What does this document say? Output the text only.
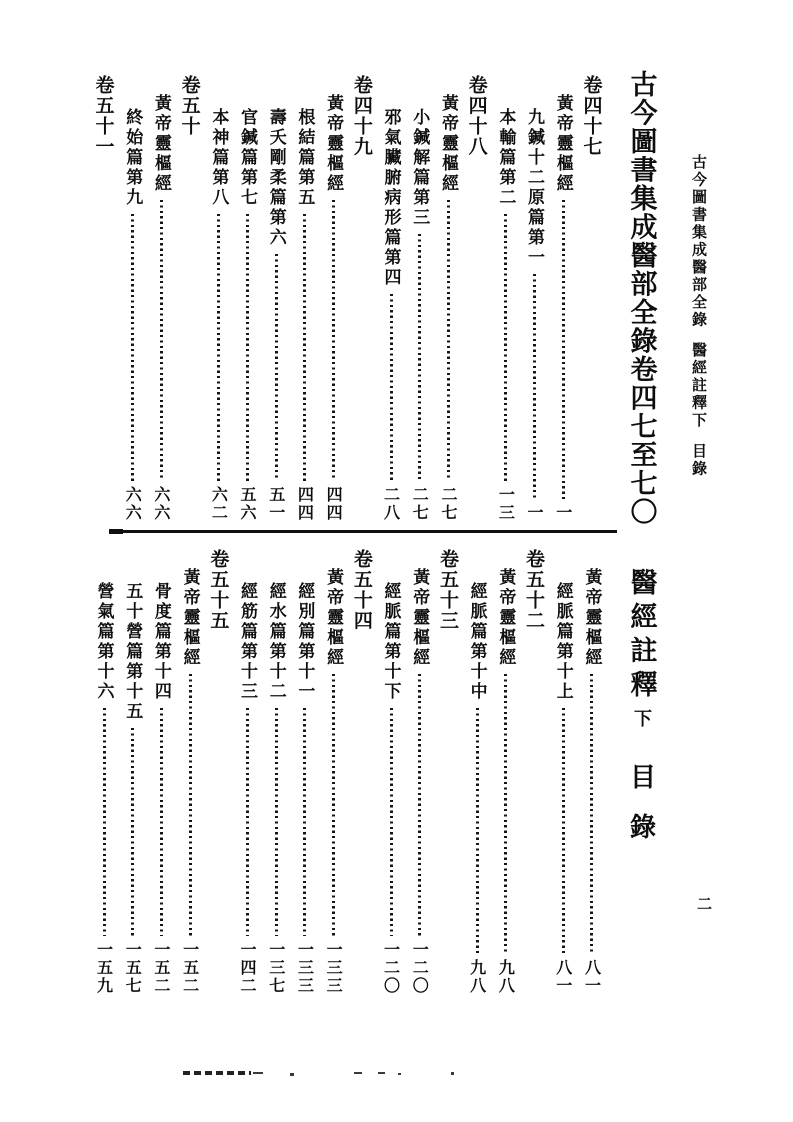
古今圖書集成醫部全錄
醫經註釋下
目錄
二
古今圖書集成醫部全錄卷四七至七〇
醫經註釋
下
目錄
卷四十七
黃帝靈樞經
一
九鍼十二原篇第一
一
本輸篇第二
一三
卷四十八
黃帝靈樞經
二七
小鍼解篇第三
二七
邪氣臟腑病形篇第四
二八
卷四十九
黃帝靈樞經
四四
根結篇第五
四四
壽夭剛柔篇第六
五一
官鍼篇第七
五六
本神篇第八
六二
卷五十
黃帝靈樞經
六六
終始篇第九
六六
卷五十一
黃帝靈樞經
八一
經脈篇第十上
八一
卷五十二
黃帝靈樞經
九八
經脈篇第十中
九八
卷五十三
黃帝靈樞經
一二〇
經脈篇第十下
一二〇
卷五十四
黃帝靈樞經
一三三
經別篇第十一
一三三
經水篇第十二
一三七
經筋篇第十三
一四二
卷五十五
黃帝靈樞經
一五二
骨度篇第十四
一五二
五十營篇第十五
一五七
營氣篇第十六
一五九
